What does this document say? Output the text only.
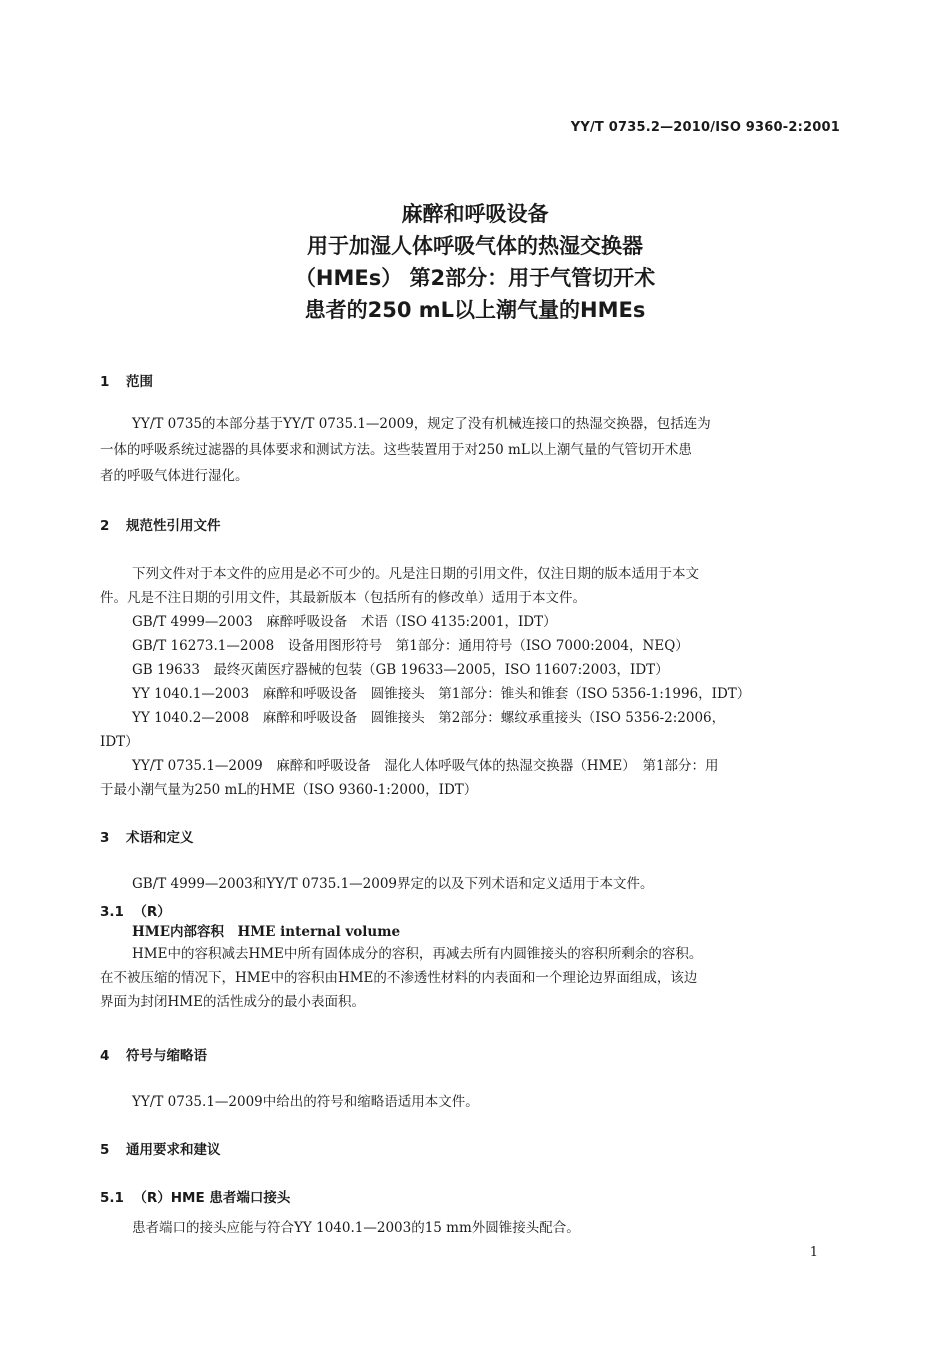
YY/T 0735.2—2010/ISO 9360-2:2001
麻醉和呼吸设备
用于加湿人体呼吸气体的热湿交换器
（HMEs） 第2部分：用于气管切开术
患者的250 mL以上潮气量的HMEs
1 范围
YY/T 0735的本部分基于YY/T 0735.1—2009，规定了没有机械连接口的热湿交换器，包括连为
一体的呼吸系统过滤器的具体要求和测试方法。这些装置用于对250 mL以上潮气量的气管切开术患
者的呼吸气体进行湿化。
2 规范性引用文件
下列文件对于本文件的应用是必不可少的。凡是注日期的引用文件，仅注日期的版本适用于本文
件。凡是不注日期的引用文件，其最新版本（包括所有的修改单）适用于本文件。
GB/T 4999—2003　麻醉呼吸设备　术语（ISO 4135:2001，IDT）
GB/T 16273.1—2008　设备用图形符号　第1部分：通用符号（ISO 7000:2004，NEQ）
GB 19633　最终灭菌医疗器械的包装（GB 19633—2005，ISO 11607:2003，IDT）
YY 1040.1—2003　麻醉和呼吸设备　圆锥接头　第1部分：锥头和锥套（ISO 5356-1:1996，IDT）
YY 1040.2—2008　麻醉和呼吸设备　圆锥接头　第2部分：螺纹承重接头（ISO 5356-2:2006，
IDT）
YY/T 0735.1—2009　麻醉和呼吸设备　湿化人体呼吸气体的热湿交换器（HME）　第1部分：用
于最小潮气量为250 mL的HME（ISO 9360-1:2000，IDT）
3 术语和定义
GB/T 4999—2003和YY/T 0735.1—2009界定的以及下列术语和定义适用于本文件。
3.1 （R）
HME内部容积　HME internal volume
HME中的容积减去HME中所有固体成分的容积，再减去所有内圆锥接头的容积所剩余的容积。
在不被压缩的情况下，HME中的容积由HME的不渗透性材料的内表面和一个理论边界面组成，该边
界面为封闭HME的活性成分的最小表面积。
4 符号与缩略语
YY/T 0735.1—2009中给出的符号和缩略语适用本文件。
5 通用要求和建议
5.1 （R）HME 患者端口接头
患者端口的接头应能与符合YY 1040.1—2003的15 mm外圆锥接头配合。
1
